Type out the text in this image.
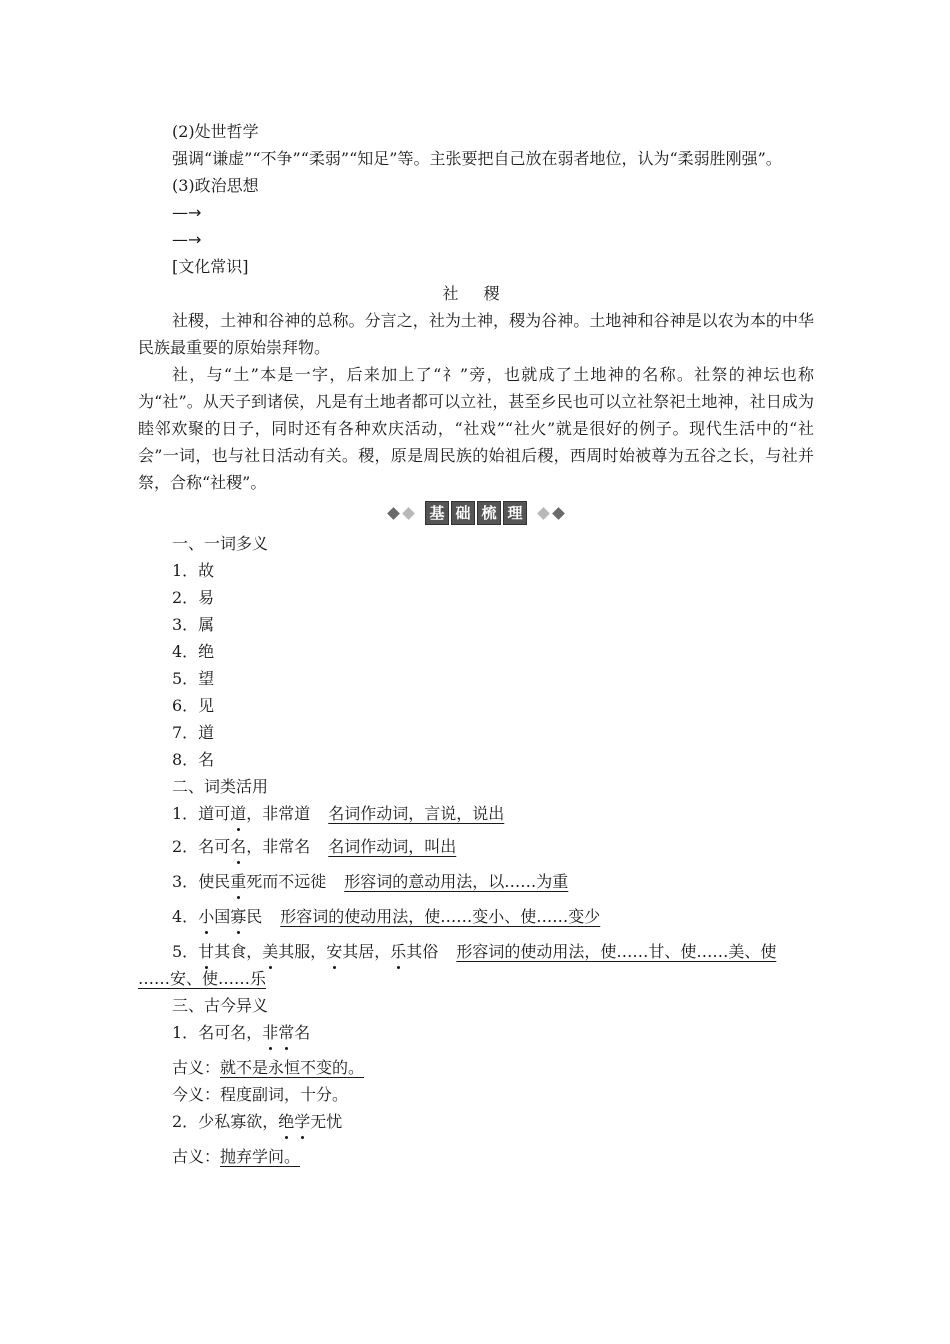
(2)处世哲学
强调“谦虚”“不争”“柔弱”“知足”等。主张要把自己放在弱者地位，认为“柔弱胜刚强”。
(3)政治思想
—→
—→
[文化常识]
社 稷
社稷，土神和谷神的总称。分言之，社为土神，稷为谷神。土地神和谷神是以农为本的中华民族最重要的原始崇拜物。
社，与“土”本是一字，后来加上了“礻”旁，也就成了土地神的名称。社祭的神坛也称为“社”。从天子到诸侯，凡是有土地者都可以立社，甚至乡民也可以立社祭祀土地神，社日成为睦邻欢聚的日子，同时还有各种欢庆活动，“社戏”“社火”就是很好的例子。现代生活中的“社会”一词，也与社日活动有关。稷，原是周民族的始祖后稷，西周时始被尊为五谷之长，与社并祭，合称“社稷”。
基 础 梳 理
一、一词多义
1．故
2．易
3．属
4．绝
5．望
6．见
7．道
8．名
二、词类活用
1．道可道，非常道 名词作动词，言说，说出
2．名可名，非常名 名词作动词，叫出
3．使民重死而不远徙 形容词的意动用法，以……为重
4．小国寡民 形容词的使动用法，使……变小、使……变少
5．甘其食，美其服，安其居，乐其俗 形容词的使动用法，使……甘、使……美、使
……安、使……乐
三、古今异义
1．名可名，非常名
古义：就不是永恒不变的。
今义：程度副词，十分。
2．少私寡欲，绝学无忧
古义：抛弃学问。
